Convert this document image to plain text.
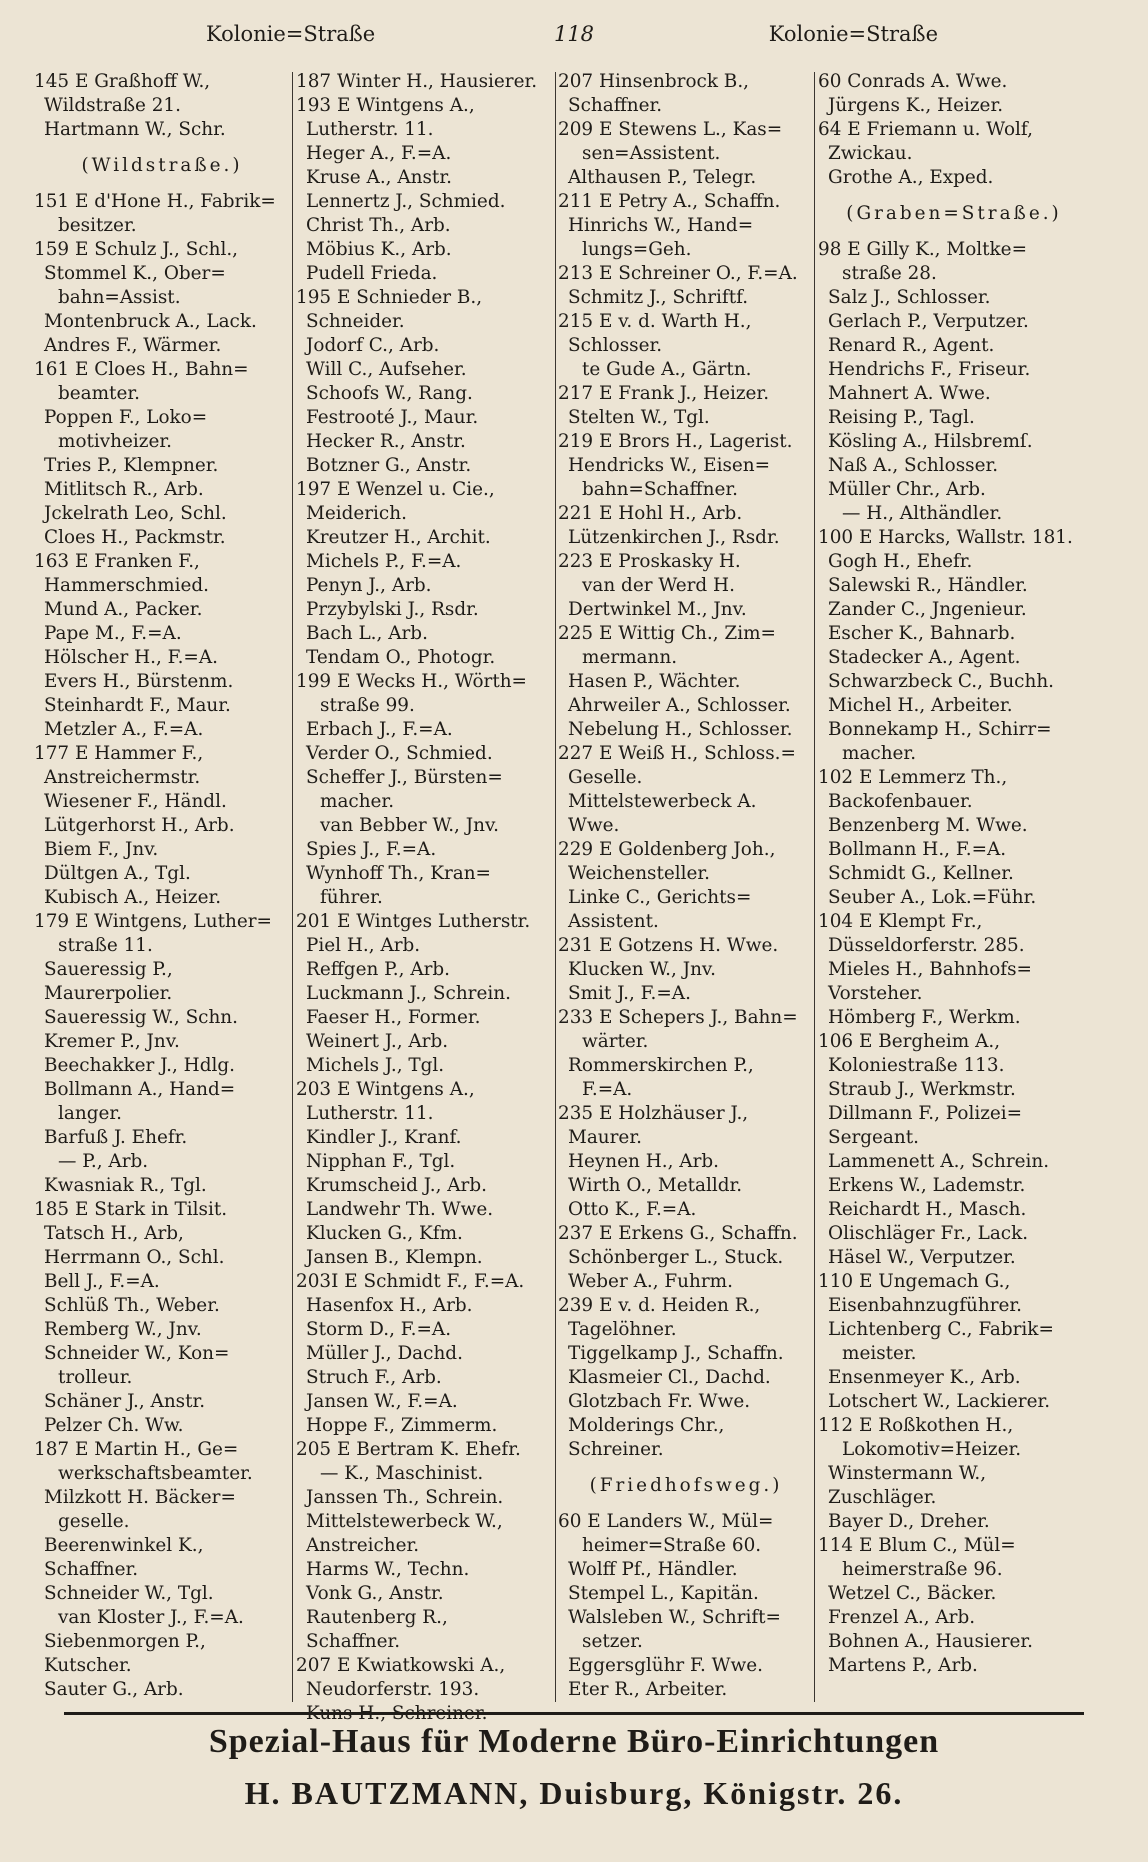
Kolonie=Straße	118	Kolonie=Straße
145 E Graßhoff W.,
Wildstraße 21.
Hartmann W., Schr.
(Wildstraße.)
151 E d'Hone H., Fabrik=
besitzer.
159 E Schulz J., Schl.,
Stommel K., Ober=
bahn=Assist.
Montenbruck A., Lack.
Andres F., Wärmer.
161 E Cloes H., Bahn=
beamter.
Poppen F., Loko=
motivheizer.
Tries P., Klempner.
Mitlitsch R., Arb.
Jckelrath Leo, Schl.
Cloes H., Packmstr.
163 E Franken F.,
Hammerschmied.
Mund A., Packer.
Pape M., F.=A.
Hölscher H., F.=A.
Evers H., Bürstenm.
Steinhardt F., Maur.
Metzler A., F.=A.
177 E Hammer F.,
Anstreichermstr.
Wiesener F., Händl.
Lütgerhorst H., Arb.
Biem F., Jnv.
Dültgen A., Tgl.
Kubisch A., Heizer.
179 E Wintgens, Luther=
straße 11.
Saueressig P.,
Maurerpolier.
Saueressig W., Schn.
Kremer P., Jnv.
Beechakker J., Hdlg.
Bollmann A., Hand=
langer.
Barfuß J. Ehefr.
— P., Arb.
Kwasniak R., Tgl.
185 E Stark in Tilsit.
Tatsch H., Arb,
Herrmann O., Schl.
Bell J., F.=A.
Schlüß Th., Weber.
Remberg W., Jnv.
Schneider W., Kon=
trolleur.
Schäner J., Anstr.
Pelzer Ch. Ww.
187 E Martin H., Ge=
werkschaftsbeamter.
Milzkott H. Bäcker=
geselle.
Beerenwinkel K.,
Schaffner.
Schneider W., Tgl.
van Kloster J., F.=A.
Siebenmorgen P.,
Kutscher.
Sauter G., Arb.
187 Winter H., Hausierer.
193 E Wintgens A.,
Lutherstr. 11.
Heger A., F.=A.
Kruse A., Anstr.
Lennertz J., Schmied.
Christ Th., Arb.
Möbius K., Arb.
Pudell Frieda.
195 E Schnieder B.,
Schneider.
Jodorf C., Arb.
Will C., Aufseher.
Schoofs W., Rang.
Festrooté J., Maur.
Hecker R., Anstr.
Botzner G., Anstr.
197 E Wenzel u. Cie.,
Meiderich.
Kreutzer H., Archit.
Michels P., F.=A.
Penyn J., Arb.
Przybylski J., Rsdr.
Bach L., Arb.
Tendam O., Photogr.
199 E Wecks H., Wörth=
straße 99.
Erbach J., F.=A.
Verder O., Schmied.
Scheffer J., Bürsten=
macher.
van Bebber W., Jnv.
Spies J., F.=A.
Wynhoff Th., Kran=
führer.
201 E Wintges Lutherstr.
Piel H., Arb.
Reffgen P., Arb.
Luckmann J., Schrein.
Faeser H., Former.
Weinert J., Arb.
Michels J., Tgl.
203 E Wintgens A.,
Lutherstr. 11.
Kindler J., Kranf.
Nipphan F., Tgl.
Krumscheid J., Arb.
Landwehr Th. Wwe.
Klucken G., Kfm.
Jansen B., Klempn.
203I E Schmidt F., F.=A.
Hasenfox H., Arb.
Storm D., F.=A.
Müller J., Dachd.
Struch F., Arb.
Jansen W., F.=A.
Hoppe F., Zimmerm.
205 E Bertram K. Ehefr.
— K., Maschinist.
Janssen Th., Schrein.
Mittelstewerbeck W.,
Anstreicher.
Harms W., Techn.
Vonk G., Anstr.
Rautenberg R.,
Schaffner.
207 E Kwiatkowski A.,
Neudorferstr. 193.
Kuns H., Schreiner.
207 Hinsenbrock B.,
Schaffner.
209 E Stewens L., Kas=
sen=Assistent.
Althausen P., Telegr.
211 E Petry A., Schaffn.
Hinrichs W., Hand=
lungs=Geh.
213 E Schreiner O., F.=A.
Schmitz J., Schriftf.
215 E v. d. Warth H.,
Schlosser.
te Gude A., Gärtn.
217 E Frank J., Heizer.
Stelten W., Tgl.
219 E Brors H., Lagerist.
Hendricks W., Eisen=
bahn=Schaffner.
221 E Hohl H., Arb.
Lützenkirchen J., Rsdr.
223 E Proskasky H.
van der Werd H.
Dertwinkel M., Jnv.
225 E Wittig Ch., Zim=
mermann.
Hasen P., Wächter.
Ahrweiler A., Schlosser.
Nebelung H., Schlosser.
227 E Weiß H., Schloss.=
Geselle.
Mittelstewerbeck A.
Wwe.
229 E Goldenberg Joh.,
Weichensteller.
Linke C., Gerichts=
Assistent.
231 E Gotzens H. Wwe.
Klucken W., Jnv.
Smit J., F.=A.
233 E Schepers J., Bahn=
wärter.
Rommerskirchen P.,
F.=A.
235 E Holzhäuser J.,
Maurer.
Heynen H., Arb.
Wirth O., Metalldr.
Otto K., F.=A.
237 E Erkens G., Schaffn.
Schönberger L., Stuck.
Weber A., Fuhrm.
239 E v. d. Heiden R.,
Tagelöhner.
Tiggelkamp J., Schaffn.
Klasmeier Cl., Dachd.
Glotzbach Fr. Wwe.
Molderings Chr.,
Schreiner.
(Friedhofsweg.)
60 E Landers W., Mül=
heimer=Straße 60.
Wolff Pf., Händler.
Stempel L., Kapitän.
Walsleben W., Schrift=
setzer.
Eggersglühr F. Wwe.
Eter R., Arbeiter.
60 Conrads A. Wwe.
Jürgens K., Heizer.
64 E Friemann u. Wolf,
Zwickau.
Grothe A., Exped.
(Graben=Straße.)
98 E Gilly K., Moltke=
straße 28.
Salz J., Schlosser.
Gerlach P., Verputzer.
Renard R., Agent.
Hendrichs F., Friseur.
Mahnert A. Wwe.
Reising P., Tagl.
Kösling A., Hilsbremſ.
Naß A., Schlosser.
Müller Chr., Arb.
— H., Althändler.
100 E Harcks, Wallstr. 181.
Gogh H., Ehefr.
Salewski R., Händler.
Zander C., Jngenieur.
Escher K., Bahnarb.
Stadecker A., Agent.
Schwarzbeck C., Buchh.
Michel H., Arbeiter.
Bonnekamp H., Schirr=
macher.
102 E Lemmerz Th.,
Backofenbauer.
Benzenberg M. Wwe.
Bollmann H., F.=A.
Schmidt G., Kellner.
Seuber A., Lok.=Führ.
104 E Klempt Fr.,
Düsseldorferstr. 285.
Mieles H., Bahnhofs=
Vorsteher.
Hömberg F., Werkm.
106 E Bergheim A.,
Koloniestraße 113.
Straub J., Werkmstr.
Dillmann F., Polizei=
Sergeant.
Lammenett A., Schrein.
Erkens W., Lademstr.
Reichardt H., Masch.
Olischläger Fr., Lack.
Häsel W., Verputzer.
110 E Ungemach G.,
Eisenbahnzugführer.
Lichtenberg C., Fabrik=
meister.
Ensenmeyer K., Arb.
Lotschert W., Lackierer.
112 E Roßkothen H.,
Lokomotiv=Heizer.
Winstermann W.,
Zuschläger.
Bayer D., Dreher.
114 E Blum C., Mül=
heimerstraße 96.
Wetzel C., Bäcker.
Frenzel A., Arb.
Bohnen A., Hausierer.
Martens P., Arb.
Spezial-Haus für Moderne Büro-Einrichtungen
H. BAUTZMANN, Duisburg, Königstr. 26.
